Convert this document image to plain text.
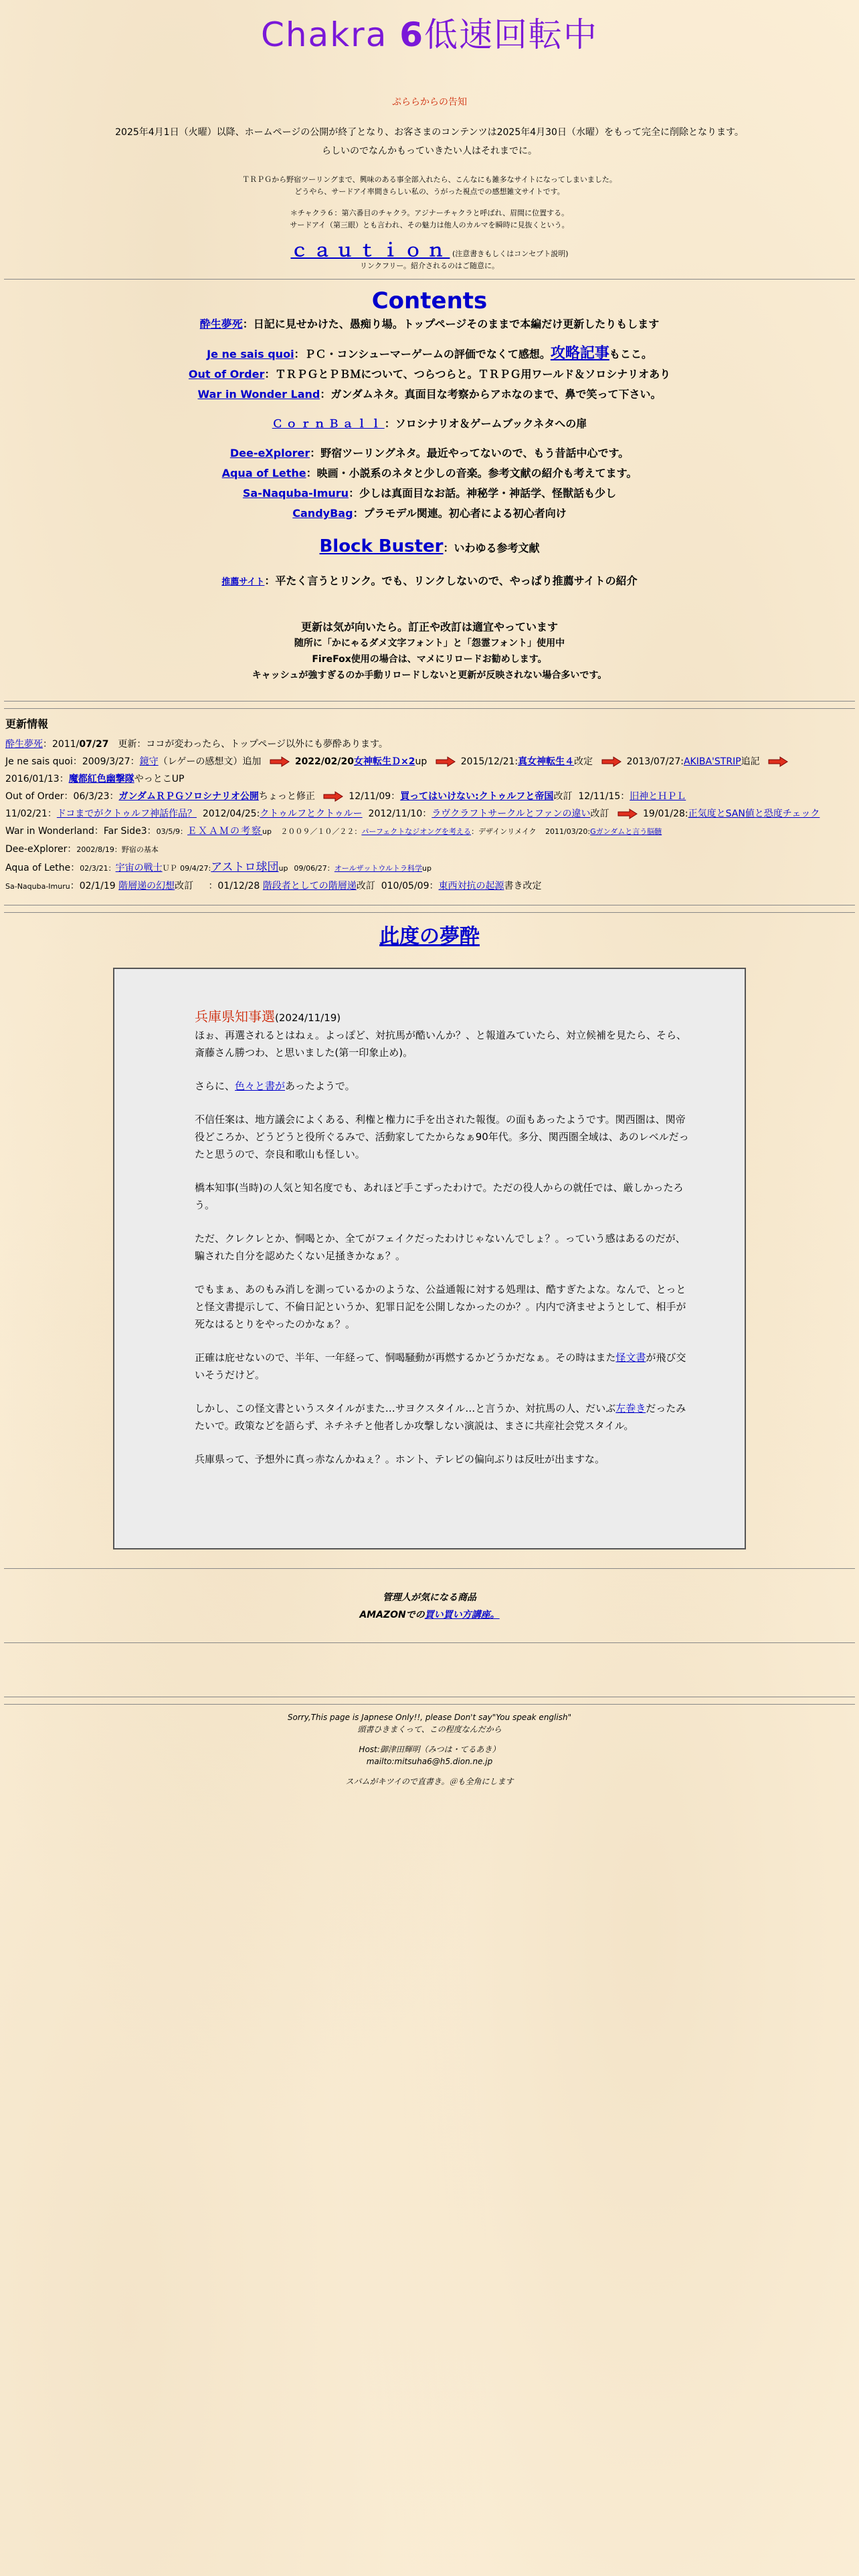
Chakra 6低速回転中
ぷららからの告知
2025年4月1日（火曜）以降、ホームページの公開が終了となり、お客さまのコンテンツは2025年4月30日（水曜）をもって完全に削除となります。
らしいのでなんかもっていきたい人はそれまでに。
ＴＲＰＧから野宿ツーリングまで、興味のある事全部入れたら、こんなにも雑多なサイトになってしまいました。
どうやら、サードアイ率間きらしい私の、うがった視点での感想雑文サイトです。
＊チャクラ６：第六番目のチャクラ。アジナーチャクラと呼ばれ、眉間に位置する。
サードアイ（第三眼）とも言われ、その魅力は他人のカルマを瞬時に見抜くという。
ｃａｕｔｉｏｎ (注意書きもしくはコンセプト説明)
リンクフリー。紹介されるのはご随意に。
Contents
酔生夢死：日記に見せかけた、愚痴り場。トップページそのままで本編だけ更新したりもします
Je ne sais quoi：ＰＣ・コンシューマーゲームの評価でなくて感想。攻略記事もここ。
Out of Order：ＴＲＰＧとＰＢＭについて、つらつらと。ＴＲＰＧ用ワールド＆ソロシナリオあり
War in Wonder Land：ガンダムネタ。真面目な考察からアホなのまで、鼻で笑って下さい。
ＣｏｒｎＢａｌｌ：ソロシナリオ＆ゲームブックネタへの扉
Dee-eXplorer：野宿ツーリングネタ。最近やってないので、もう昔話中心です。
Aqua of Lethe：映画・小説系のネタと少しの音楽。参考文献の紹介も考えてます。
Sa-Naquba-Imuru：少しは真面目なお話。神秘学・神話学、怪獣話も少し
CandyBag：プラモデル関連。初心者による初心者向け
Block Buster：いわゆる参考文献
推薦サイト：平たく言うとリンク。でも、リンクしないので、やっぱり推薦サイトの紹介
更新は気が向いたら。訂正や改訂は適宜やっています
随所に「かにゃるダメ文字フォント」と「怨霊フォント」使用中
FireFox使用の場合は、マメにリロードお勧めします。
キャッシュが強すぎるのか手動リロードしないと更新が反映されない場合多いです。
更新情報
酔生夢死：2011/07/27　更新：ココが変わったら、トップページ以外にも夢酔あります。
Je ne sais quoi：2009/3/27：鏡守（レゲーの感想文）追加	2022/02/20女神転生Ｄ×2up	2015/12/21:真女神転生４改定	2013/07/27:AKIBA'STRIP追記 2016/01/13：魔都紅色幽撃隊やっとこUP
Out of Order：06/3/23：ガンダムＲＰＧソロシナリオ公開ちょっと修正	12/11/09：買ってはいけない:クトゥルフと帝国改訂 12/11/15：旧神とＨＰＬ
11/02/21：ドコまでがクトゥルフ神話作品？ 2012/04/25:クトゥルフとクトゥルー 2012/11/10：ラヴクラフトサークルとファンの違い改訂	19/01/28:正気度とSAN値と恐度チェック
War in Wonderland：Far Side3：03/5/9：ＥＸＡＭの考察up ２００９／１０／２２：パーフェクトなジオングを考える：デザインリメイク 2011/03/20:Gガンダムと言う脳髄
Dee-eXplorer：2002/8/19：野宿の基本
Aqua of Lethe：02/3/21：宇宙の戦士ＵＰ 09/4/27:アストロ球団up 09/06/27：オールザットウルトラ科学up
Sa-Naquba-Imuru：02/1/19 階層递の幻想改訂 ：01/12/28 階段者としての階層递改訂 010/05/09：東西対抗の起源書き改定
此度の夢酔

兵庫県知事選(2024/11/19)
ほぉ、再選されるとはねぇ。よっぽど、対抗馬が酷いんか？、と報道みていたら、対立候補を見たら、そら、斎藤さん勝つわ、と思いました(第一印象止め)。

さらに、色々と書があったようで。

不信任案は、地方議会によくある、利権と権力に手を出された報復。の面もあったようです。関西圏は、関帝役どころか、どうどうと役所ぐるみで、活動家してたからなぁ90年代。多分、関西圏全域は、あのレベルだったと思うので、奈良和歌山も怪しい。

橋本知事(当時)の人気と知名度でも、あれほど手こずったわけで。ただの役人からの就任では、厳しかったろう。

ただ、クレクレとか、恫喝とか、全てがフェイクだったわけじゃないんでしょ？。っていう感はあるのだが、騙された自分を認めたくない足掻きかなぁ？。

でもまぁ、あのもみ消しを測っているかのような、公益通報に対する処理は、酷すぎたよな。なんで、とっとと怪文書提示して、不倫日記というか、犯罪日記を公開しなかったのか？。内内で済ませようとして、相手が死なはるとりをやったのかなぁ？。

正確は庇せないので、半年、一年経って、恫喝騒動が再燃するかどうかだなぁ。その時はまた怪文書が飛び交いそうだけど。

しかし、この怪文書というスタイルがまた…サヨクスタイル…と言うか、対抗馬の人、だいぶ左巻きだったみたいで。政策などを語らず、ネチネチと他者しか攻撃しない演説は、まさに共産社会党スタイル。

兵庫県って、予想外に真っ赤なんかねぇ？。ホント、テレビの偏向ぶりは反吐が出ますな。

管理人が気になる商品
AMAZONでの買い買い方講座。
Sorry,This page is Japnese Only!!, please Don't say"You speak english"
頭書ひきまくって、この程度なんだから
Host:御津田輝明（みつは・てるあき）
mailto:mitsuha6@h5.dion.ne.jp
スパムがキツイので直書き。＠も全角にします
